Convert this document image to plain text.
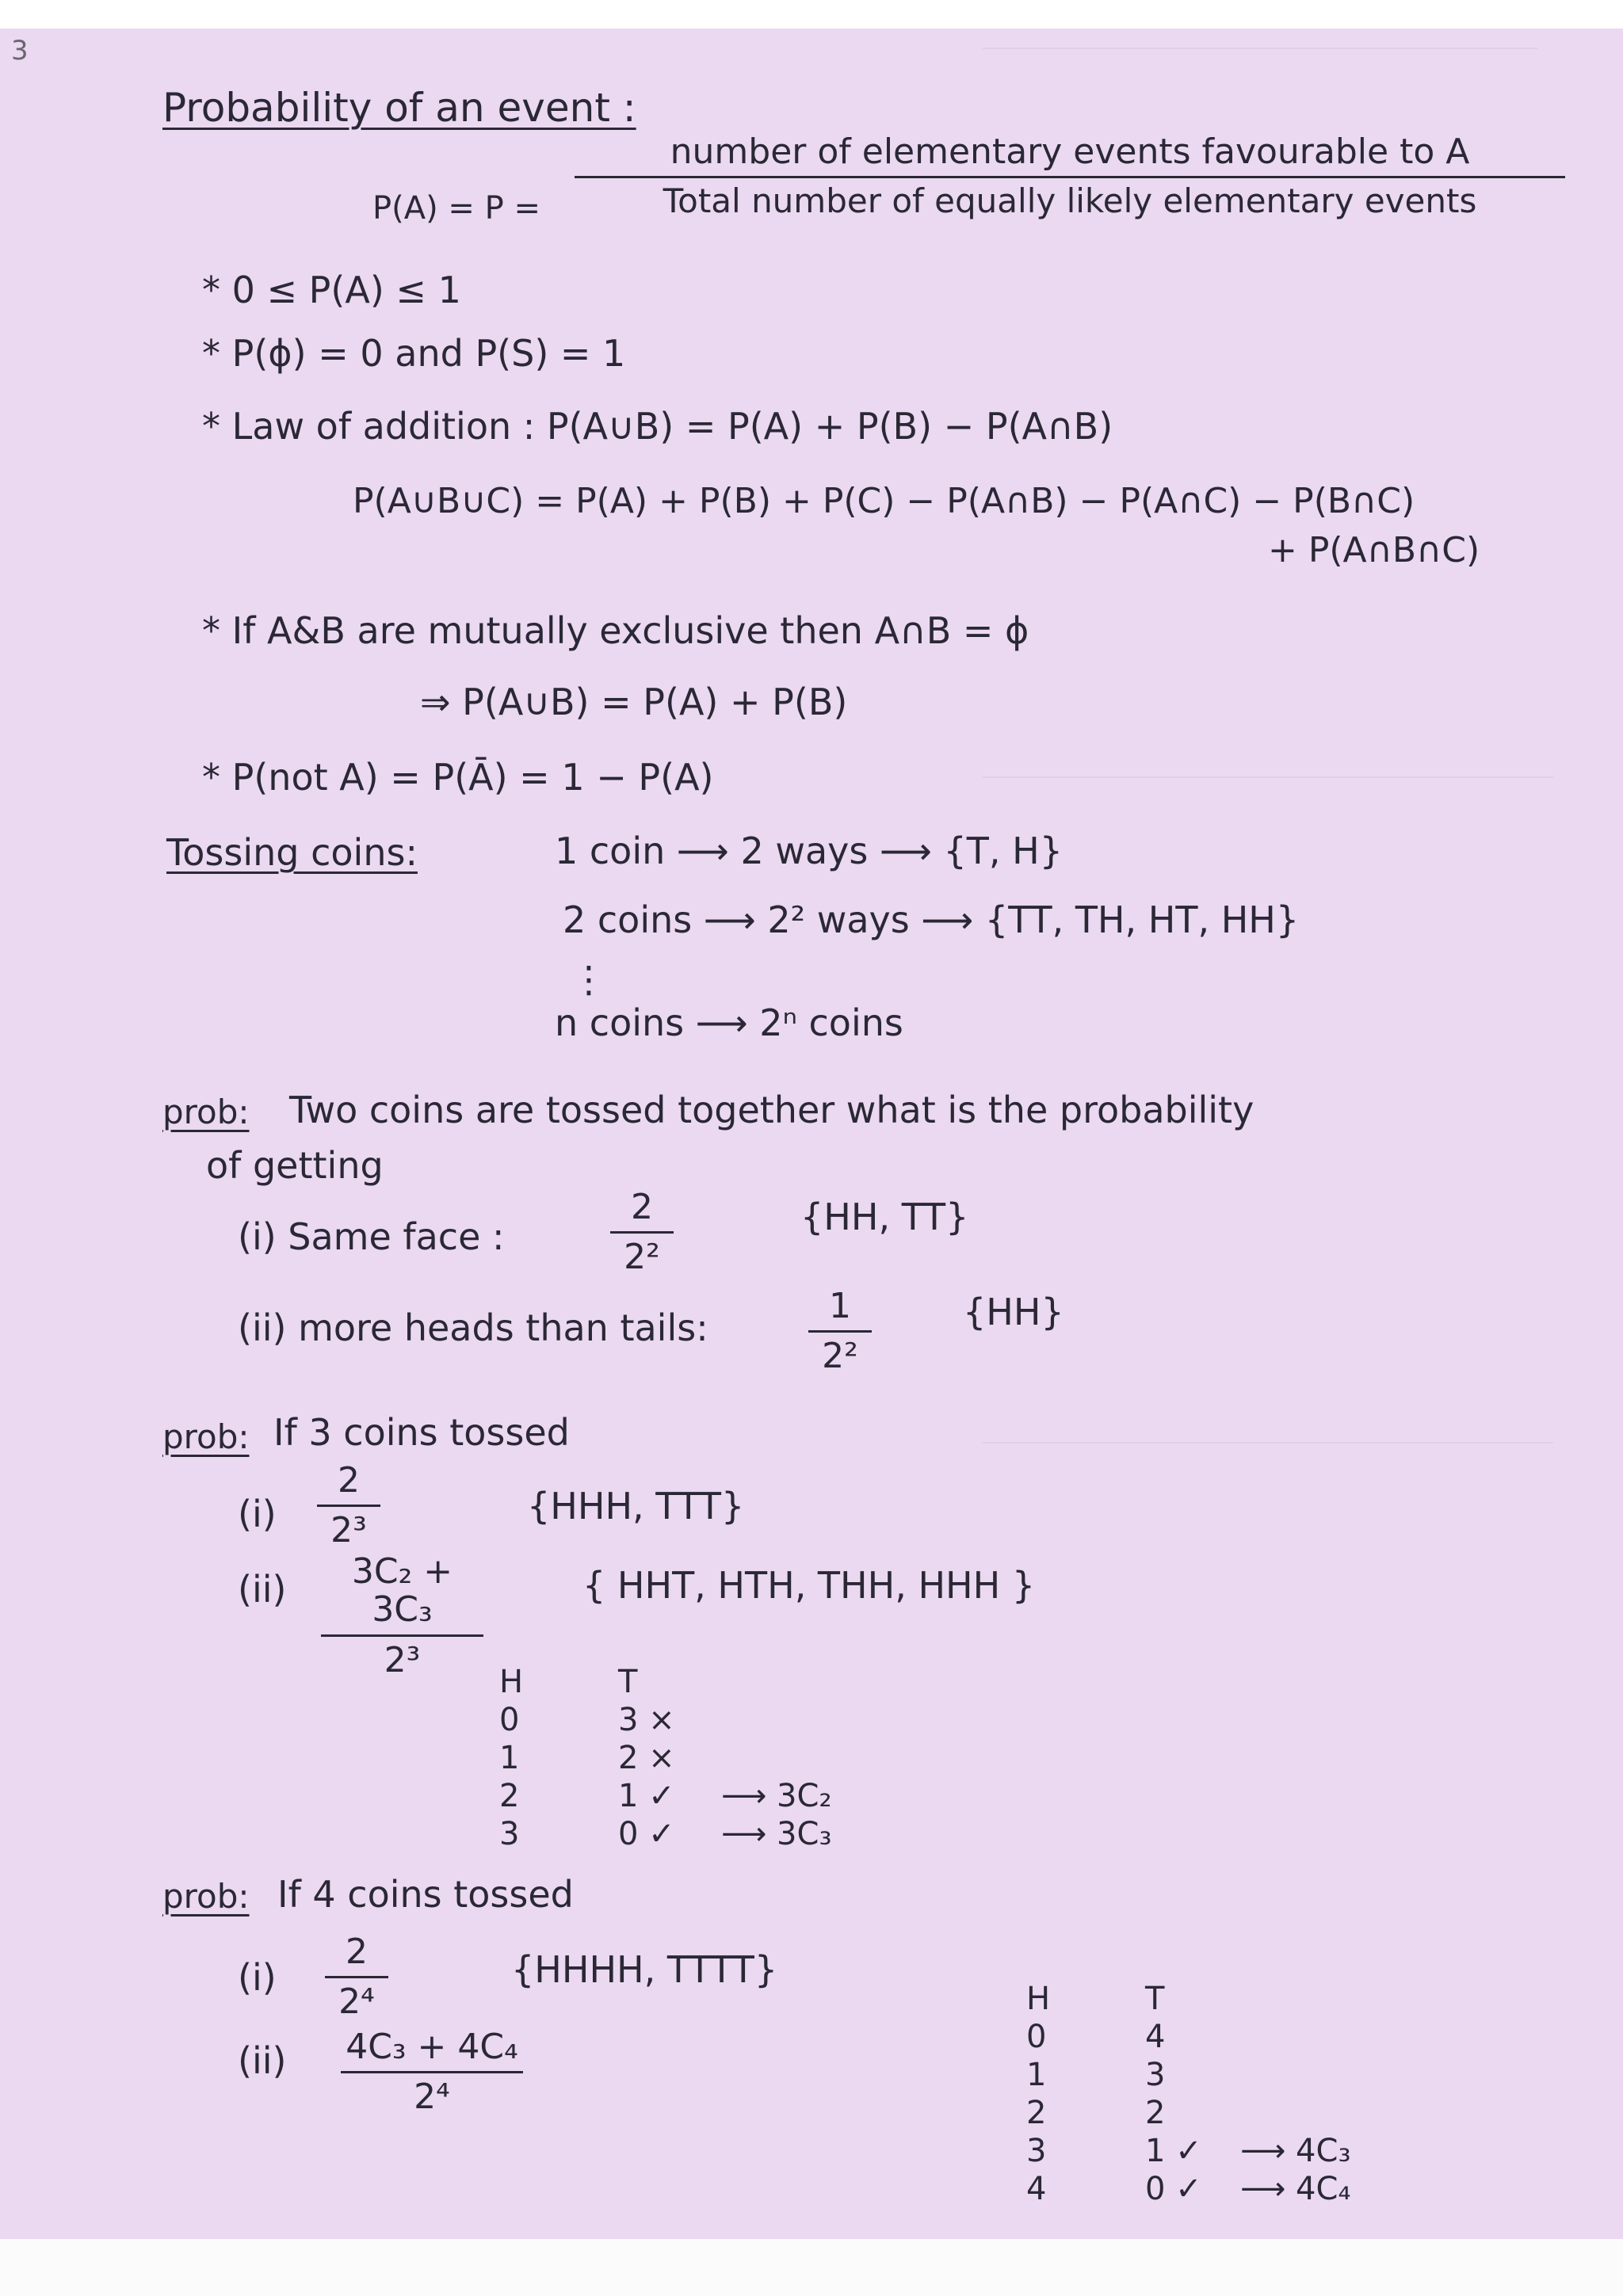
3
Probability of an event :
P(A) = P =
number of elementary events favourable to A
Total number of equally likely elementary events
* 0 ≤ P(A) ≤ 1
* P(ϕ) = 0 and P(S) = 1
* Law of addition : P(A∪B) = P(A) + P(B) − P(A∩B)
P(A∪B∪C) = P(A) + P(B) + P(C) − P(A∩B) − P(A∩C) − P(B∩C)
+ P(A∩B∩C)
* If A&B are mutually exclusive then A∩B = ϕ
⇒ P(A∪B) = P(A) + P(B)
* P(not A) = P(Ā) = 1 − P(A)
Tossing coins:	1 coin ⟶ 2 ways ⟶ {T, H}
2 coins ⟶ 2² ways ⟶ {TT, TH, HT, HH}
⋮
n coins ⟶ 2ⁿ coins
prob: Two coins are tossed together what is the probability
of getting
(i) Same face :
2
2²
{HH, TT}
(ii) more heads than tails:
1
2²
{HH}
prob: If 3 coins tossed
(i)
2
2³
{HHH, TTT}
(ii)	3C₂ + 3C₃
2³
{ HHT, HTH, THH, HHH }
H	T
0	3 ×
1	2 ×
2	1 ✓ ⟶ 3C₂
3	0 ✓ ⟶ 3C₃
prob: If 4 coins tossed
(i)
2
2⁴
{HHHH, TTTT}
(ii) 4C₃ + 4C₄
2⁴
H	T
0	4
1	3
2	2
3	1 ✓ ⟶ 4C₃
4	0 ✓ ⟶ 4C₄
